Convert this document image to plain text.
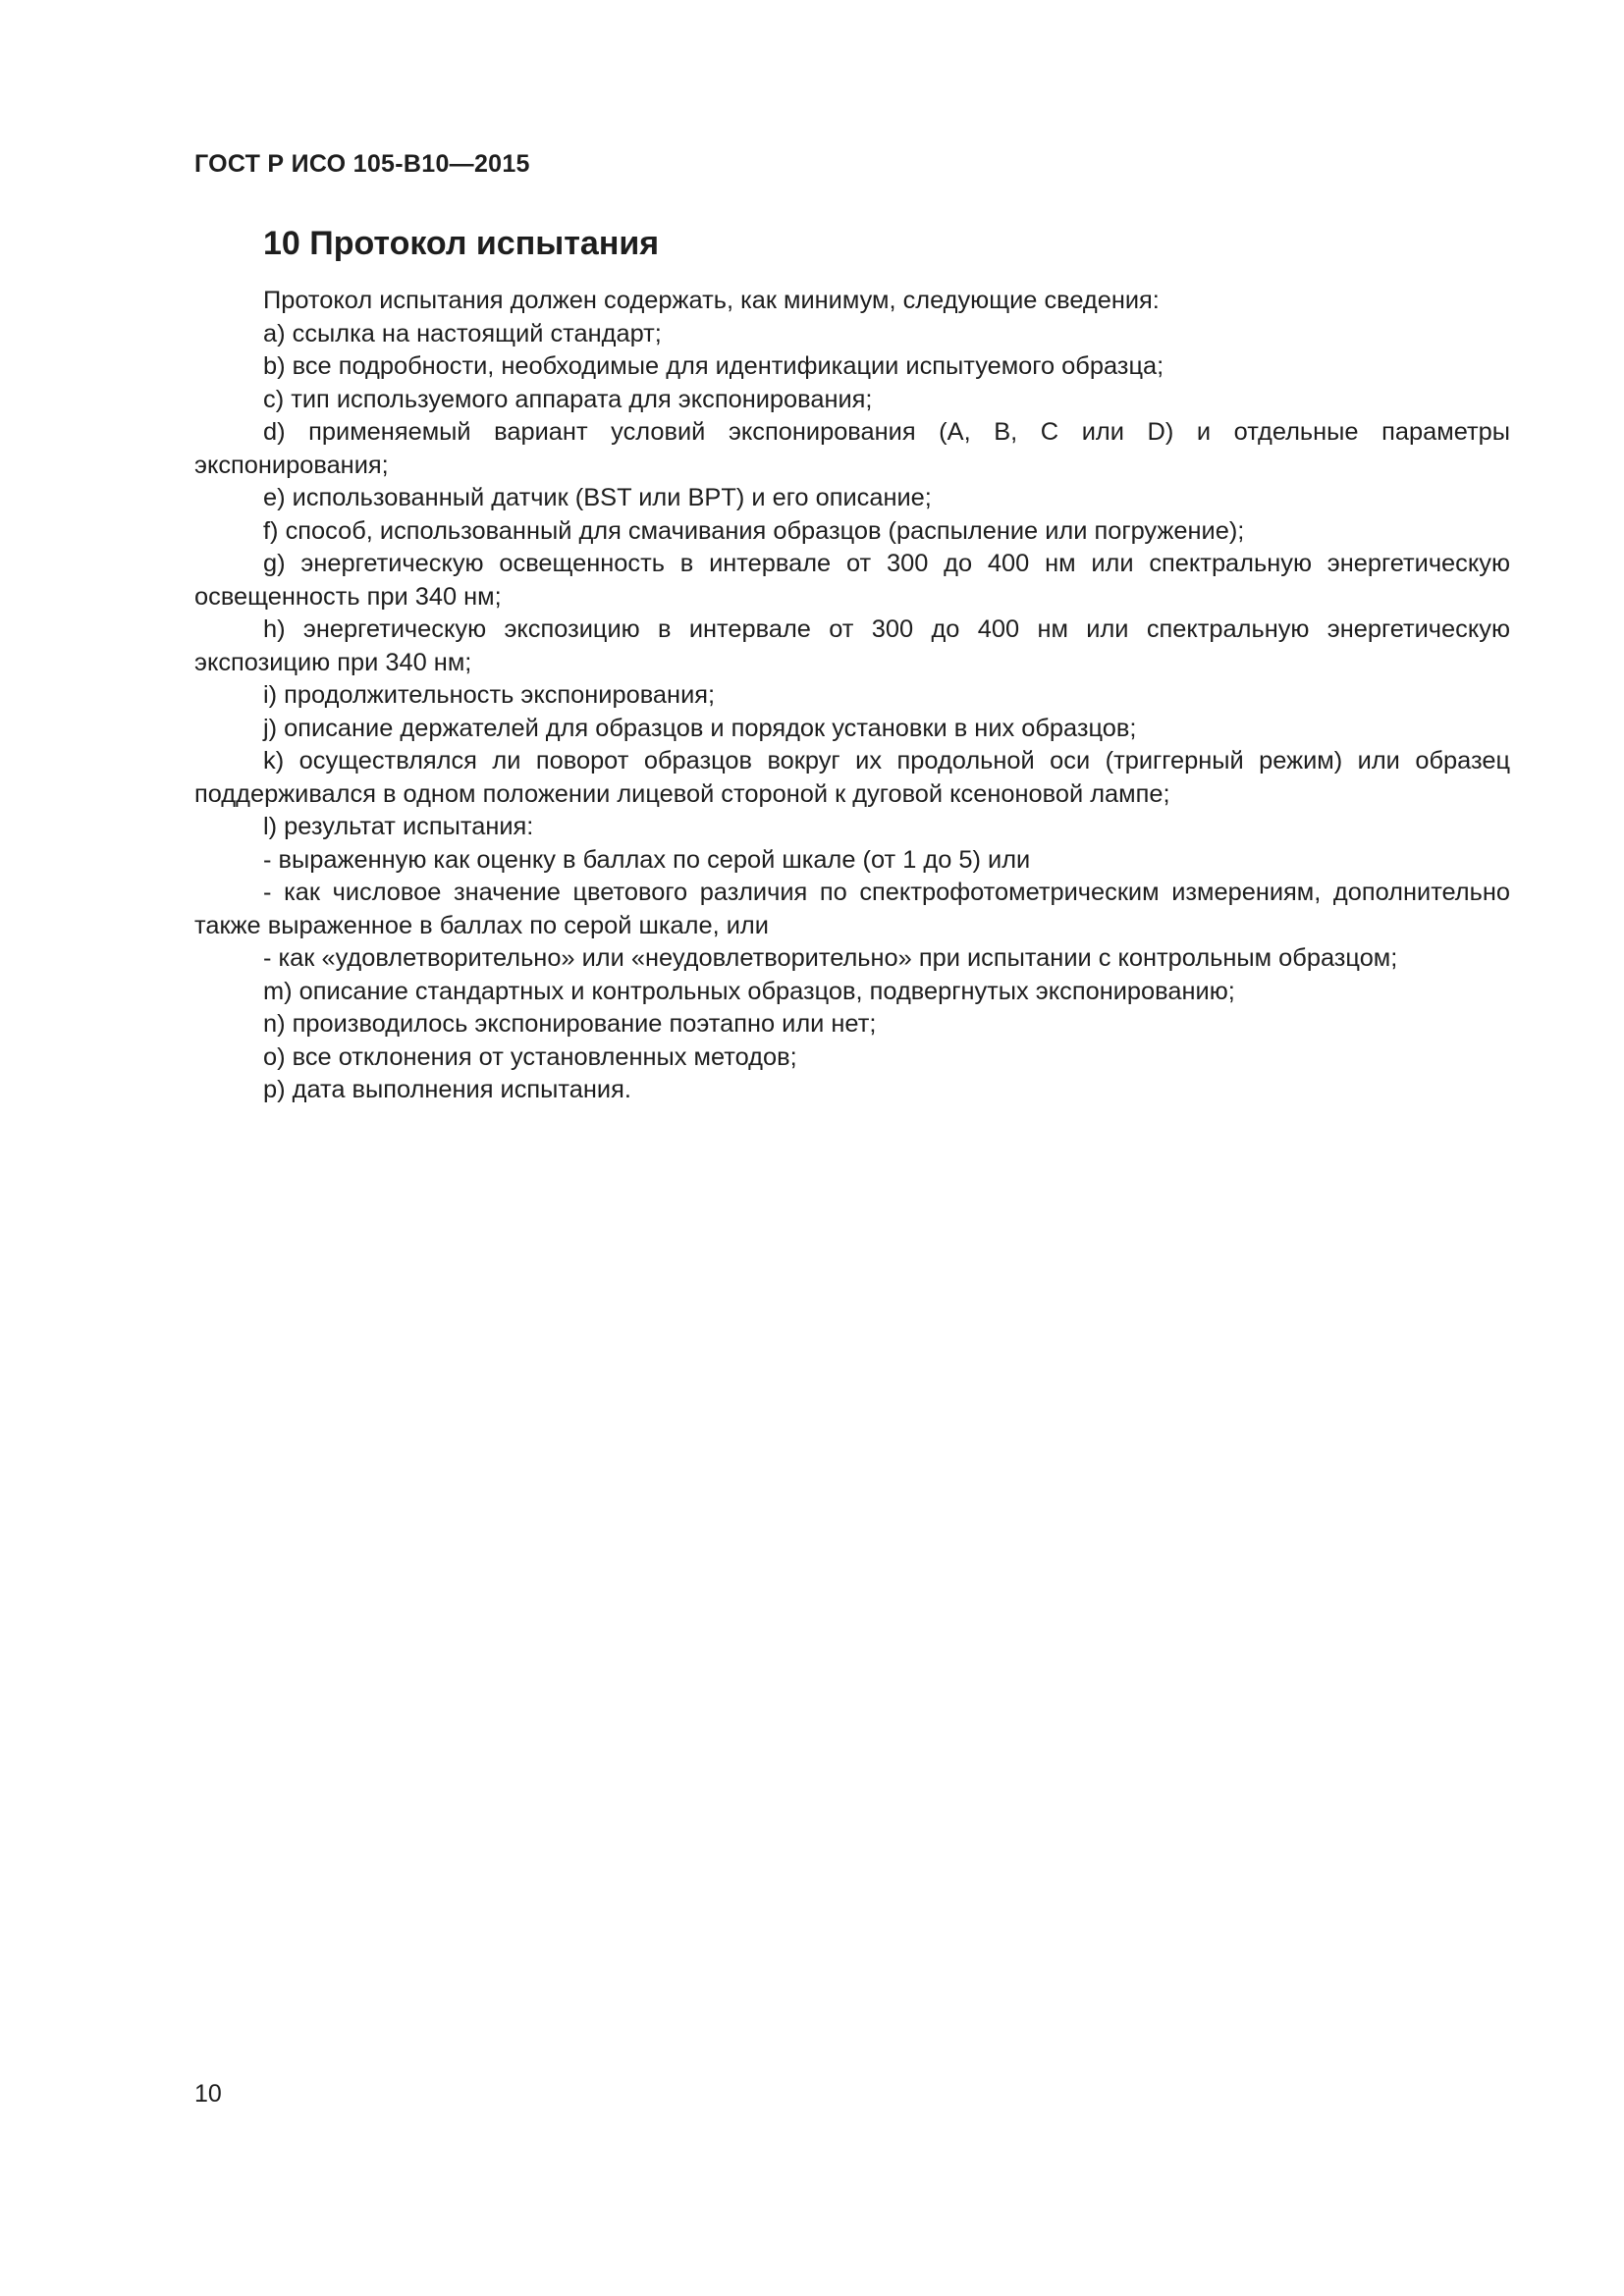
ГОСТ Р ИСО 105-В10—2015
10 Протокол испытания

Протокол испытания должен содержать, как минимум, следующие сведения:

a) ссылка на настоящий стандарт;

b) все подробности, необходимые для идентификации испытуемого образца;

c) тип используемого аппарата для экспонирования;

d) применяемый вариант условий экспонирования (A, B, C или D) и отдельные параметры экспонирования;

e) использованный датчик (BST или BPT) и его описание;

f) способ, использованный для смачивания образцов (распыление или погружение);

g) энергетическую освещенность в интервале от 300 до 400 нм или спектральную энергетическую освещенность при 340 нм;

h) энергетическую экспозицию в интервале от 300 до 400 нм или спектральную энергетическую экспозицию при 340 нм;

i) продолжительность экспонирования;

j) описание держателей для образцов и порядок установки в них образцов;

k) осуществлялся ли поворот образцов вокруг их продольной оси (триггерный режим) или образец поддерживался в одном положении лицевой стороной к дуговой ксеноновой лампе;

l) результат испытания:

- выраженную как оценку в баллах по серой шкале (от 1 до 5) или

- как числовое значение цветового различия по спектрофотометрическим измерениям, дополнительно также выраженное в баллах по серой шкале, или

- как «удовлетворительно» или «неудовлетворительно» при испытании с контрольным образцом;

m) описание стандартных и контрольных образцов, подвергнутых экспонированию;

n) производилось экспонирование поэтапно или нет;

o) все отклонения от установленных методов;

p) дата выполнения испытания.

10
